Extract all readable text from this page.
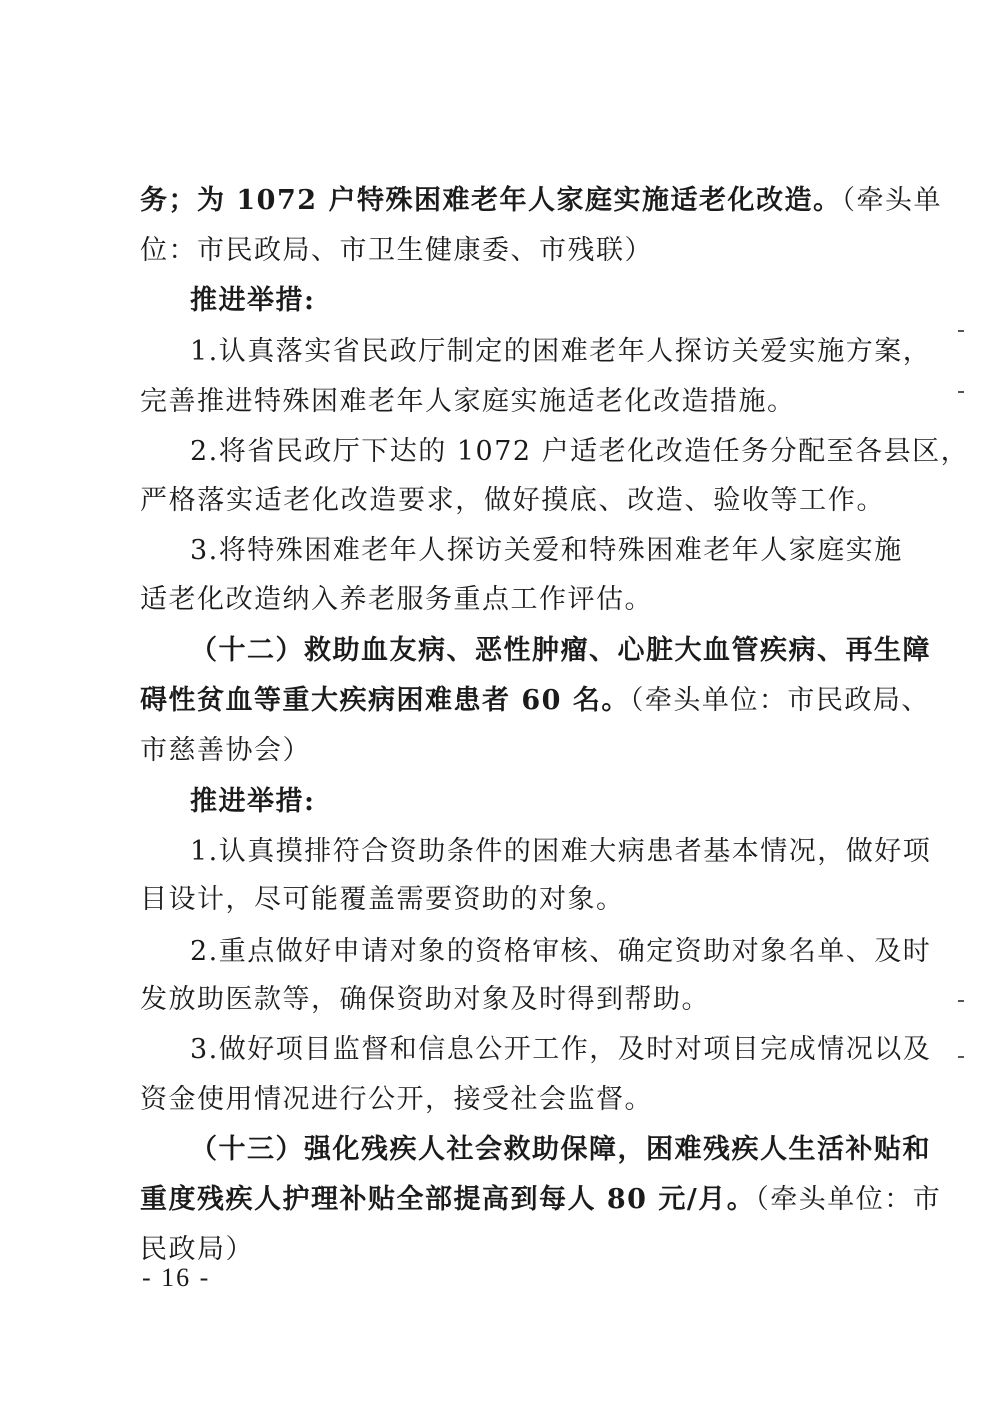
务；为 1072 户特殊困难老年人家庭实施适老化改造。（牵头单
位：市民政局、市卫生健康委、市残联）
推进举措:
1.认真落实省民政厅制定的困难老年人探访关爱实施方案，
完善推进特殊困难老年人家庭实施适老化改造措施。
2.将省民政厅下达的 1072 户适老化改造任务分配至各县区，
严格落实适老化改造要求，做好摸底、改造、验收等工作。
3.将特殊困难老年人探访关爱和特殊困难老年人家庭实施
适老化改造纳入养老服务重点工作评估。
（十二）救助血友病、恶性肿瘤、心脏大血管疾病、再生障
碍性贫血等重大疾病困难患者 60 名。（牵头单位：市民政局、
市慈善协会）
推进举措:
1.认真摸排符合资助条件的困难大病患者基本情况，做好项
目设计，尽可能覆盖需要资助的对象。
2.重点做好申请对象的资格审核、确定资助对象名单、及时
发放助医款等，确保资助对象及时得到帮助。
3.做好项目监督和信息公开工作，及时对项目完成情况以及
资金使用情况进行公开，接受社会监督。
（十三）强化残疾人社会救助保障，困难残疾人生活补贴和
重度残疾人护理补贴全部提高到每人 80 元/月。（牵头单位：市
民政局）
- 16 -
